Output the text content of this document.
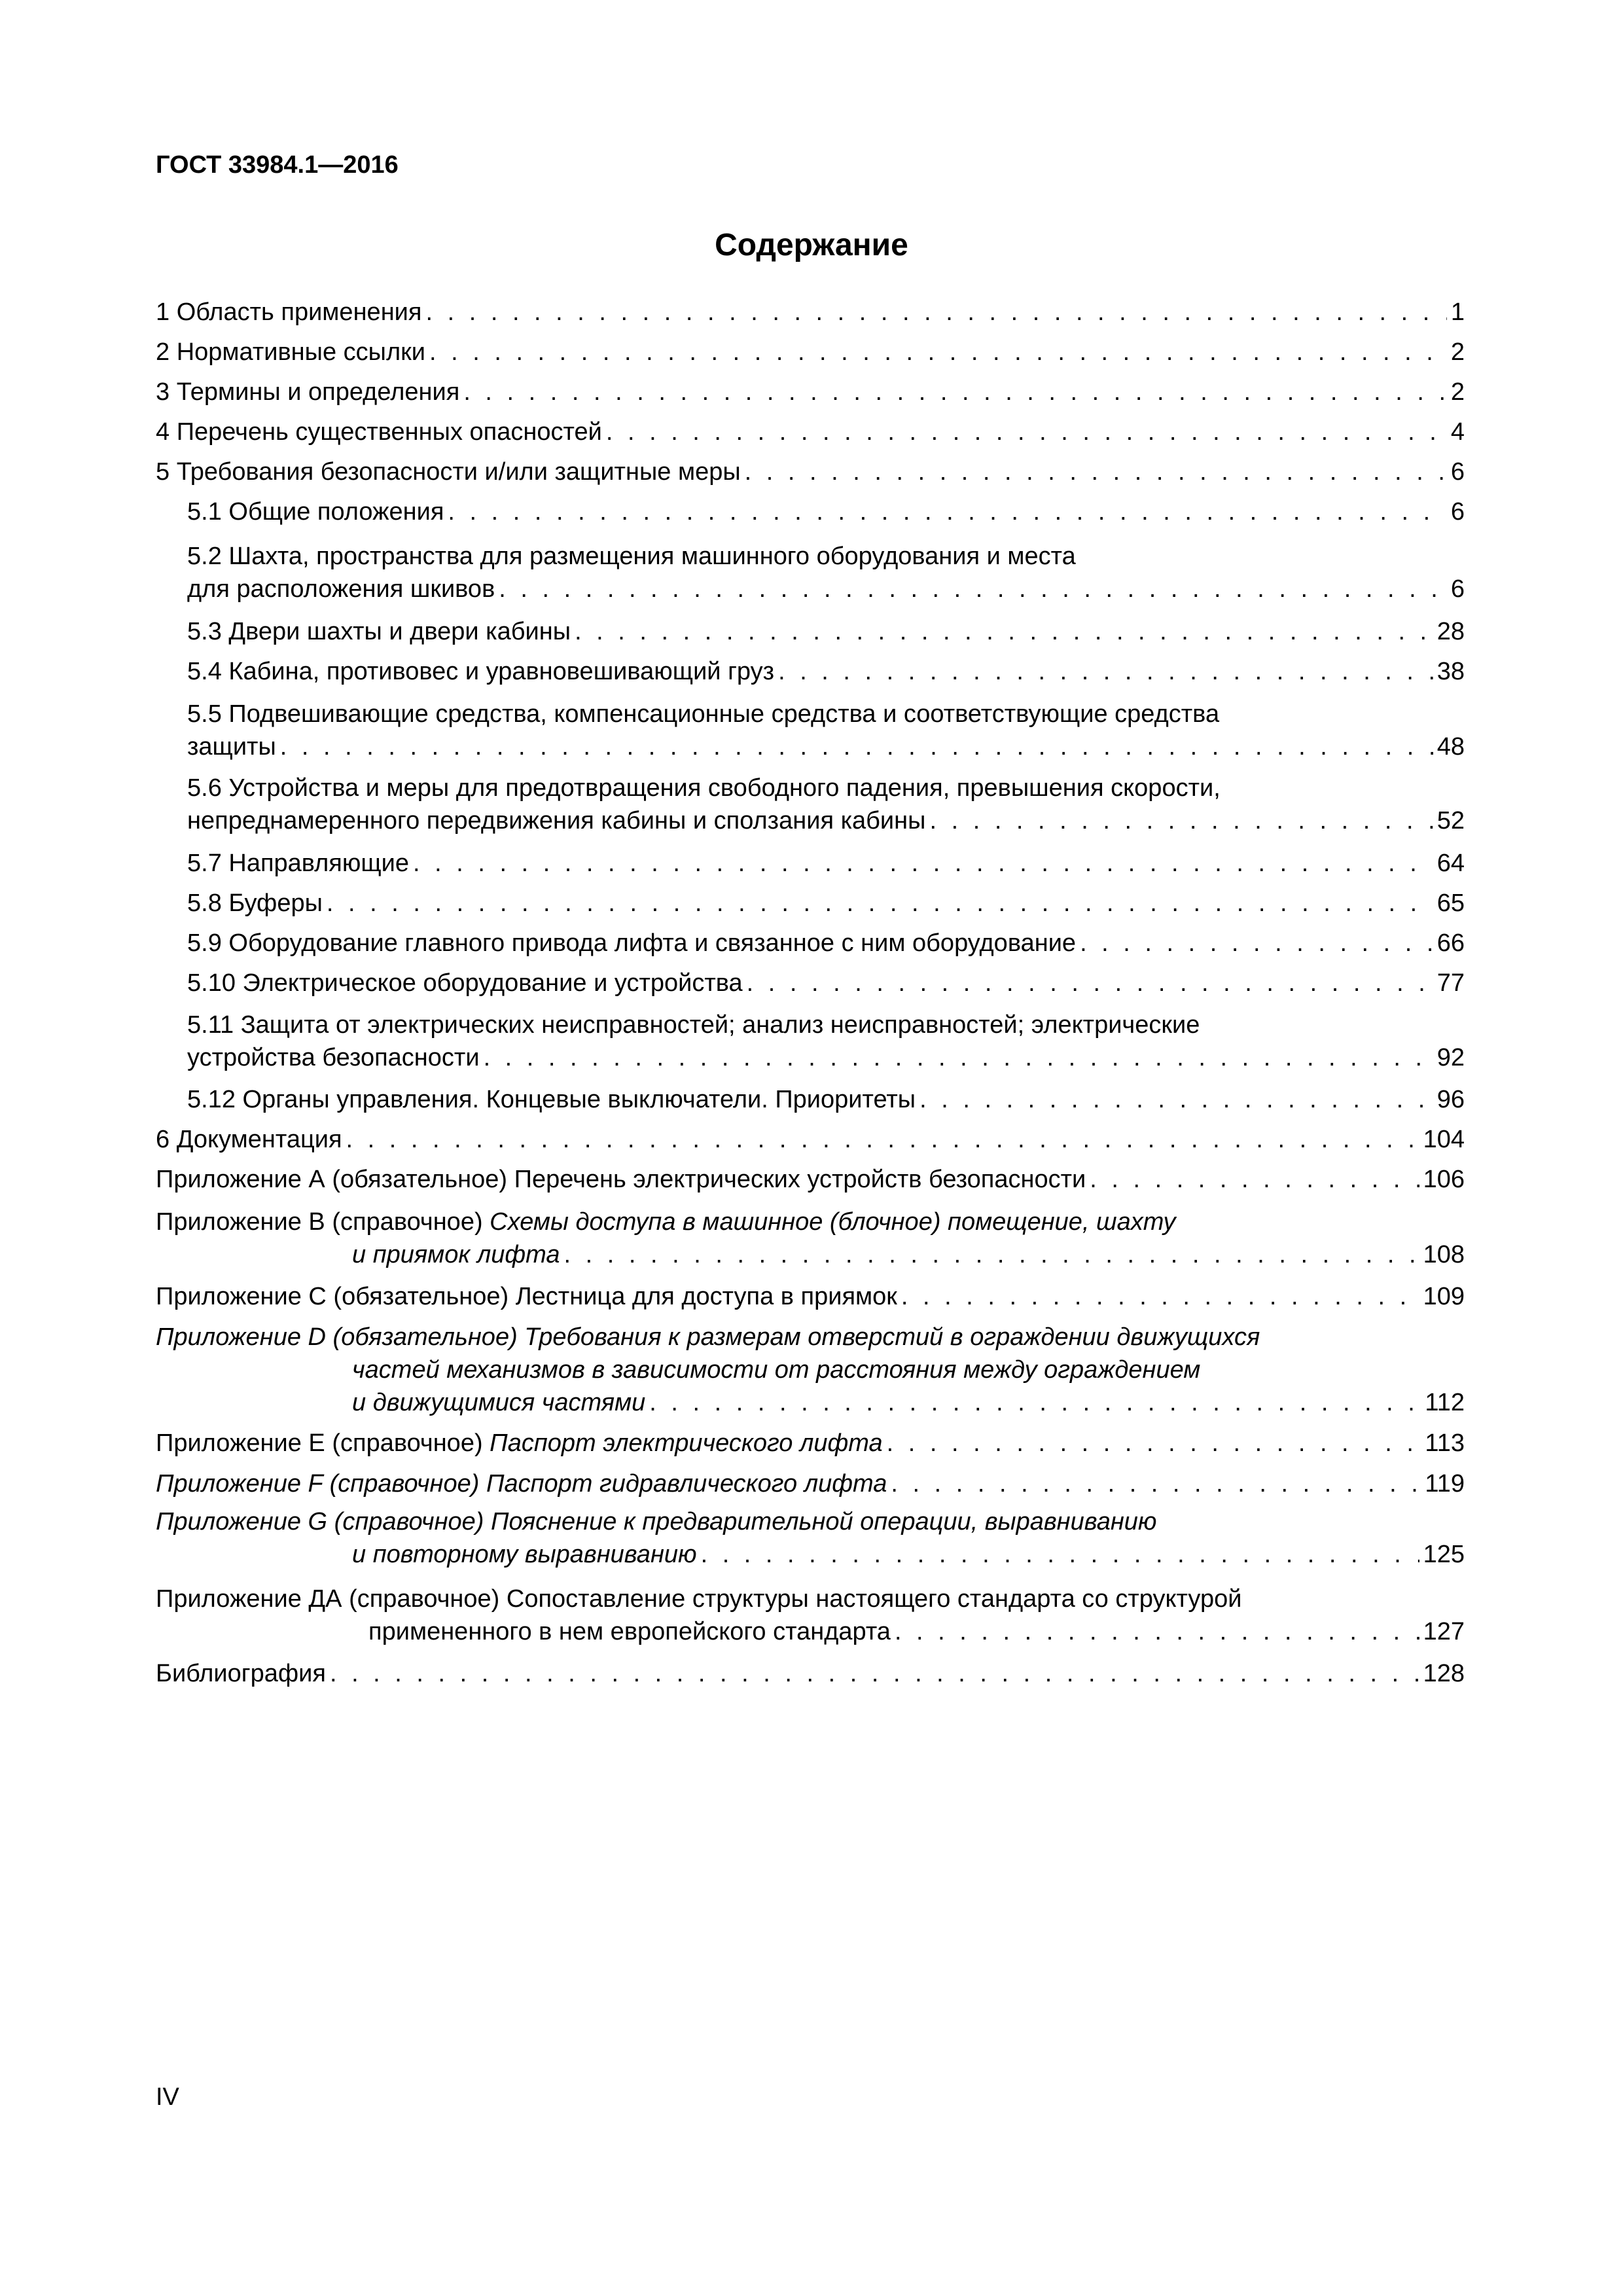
ГОСТ 33984.1—2016
Содержание
1 Область применения . . .	1
2 Нормативные ссылки . . .	2
3 Термины и определения . . .	2
4 Перечень существенных опасностей . . .	4
5 Требования безопасности и/или защитные меры . . .	6
5.1 Общие положения . . .	6
5.2 Шахта, пространства для размещения машинного оборудования и места
для расположения шкивов . . .	6
5.3 Двери шахты и двери кабины . . .	28
5.4 Кабина, противовес и уравновешивающий груз . . .	38
5.5 Подвешивающие средства, компенсационные средства и соответствующие средства
защиты . . .	48
5.6 Устройства и меры для предотвращения свободного падения, превышения скорости,
непреднамеренного передвижения кабины и сползания кабины . . .	52
5.7 Направляющие . . .	64
5.8 Буферы . . .	65
5.9 Оборудование главного привода лифта и связанное с ним оборудование . . .	66
5.10 Электрическое оборудование и устройства . . .	77
5.11 Защита от электрических неисправностей; анализ неисправностей; электрические
устройства безопасности . . .	92
5.12 Органы управления. Концевые выключатели. Приоритеты . . .	96
6 Документация . . .	104
Приложение А (обязательное) Перечень электрических устройств безопасности . . .	106
Приложение В (справочное) Схемы доступа в машинное (блочное) помещение, шахту
и приямок лифта . . .	108
Приложение С (обязательное) Лестница для доступа в приямок . . .	109
Приложение D (обязательное) Требования к размерам отверстий в ограждении движущихся
частей механизмов в зависимости от расстояния между ограждением
и движущимися частями . . .	112
Приложение Е (справочное) Паспорт электрического лифта . . .	113
Приложение F (справочное) Паспорт гидравлического лифта . . .	119
Приложение G (справочное) Пояснение к предварительной операции, выравниванию
и повторному выравниванию . . .	125
Приложение ДА (справочное) Сопоставление структуры настоящего стандарта со структурой
примененного в нем европейского стандарта . . .	127
Библиография . . .	128
IV
